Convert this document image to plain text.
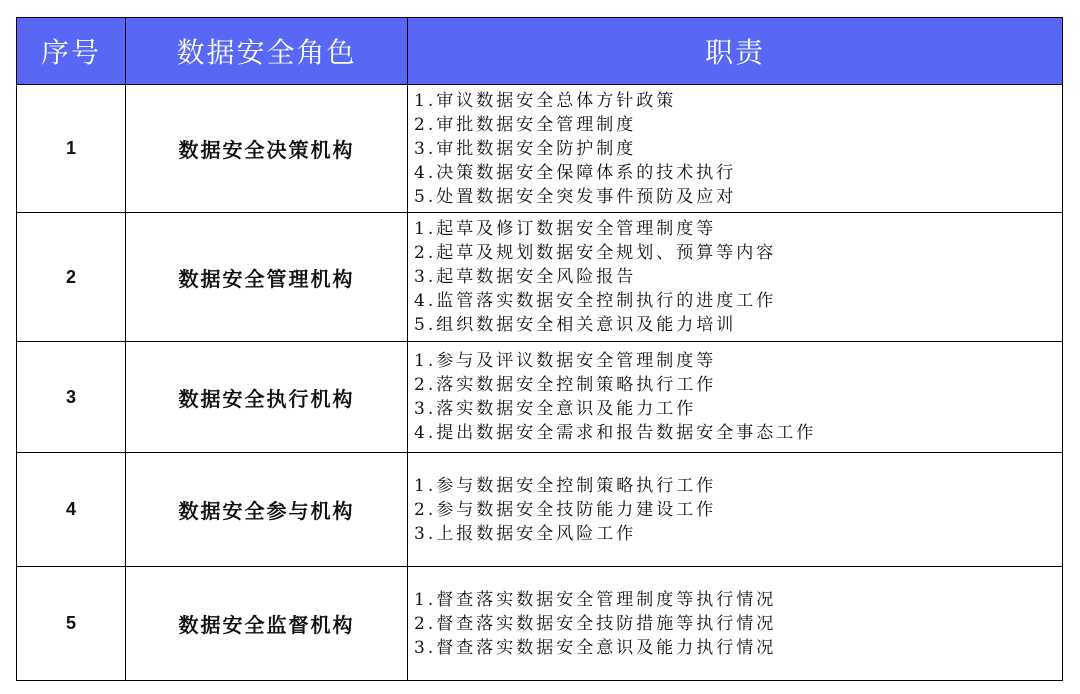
序号	数据安全角色	职责
1	数据安全决策机构	1.审议数据安全总体方针政策
2.审批数据安全管理制度
3.审批数据安全防护制度
4.决策数据安全保障体系的技术执行
5.处置数据安全突发事件预防及应对

2	数据安全管理机构	1.起草及修订数据安全管理制度等
2.起草及规划数据安全规划、预算等内容
3.起草数据安全风险报告
4.监管落实数据安全控制执行的进度工作
5.组织数据安全相关意识及能力培训

3	数据安全执行机构	1.参与及评议数据安全管理制度等
2.落实数据安全控制策略执行工作
3.落实数据安全意识及能力工作
4.提出数据安全需求和报告数据安全事态工作

4	数据安全参与机构	1.参与数据安全控制策略执行工作
2.参与数据安全技防能力建设工作
3.上报数据安全风险工作

5	数据安全监督机构	1.督查落实数据安全管理制度等执行情况
2.督查落实数据安全技防措施等执行情况
3.督查落实数据安全意识及能力执行情况
